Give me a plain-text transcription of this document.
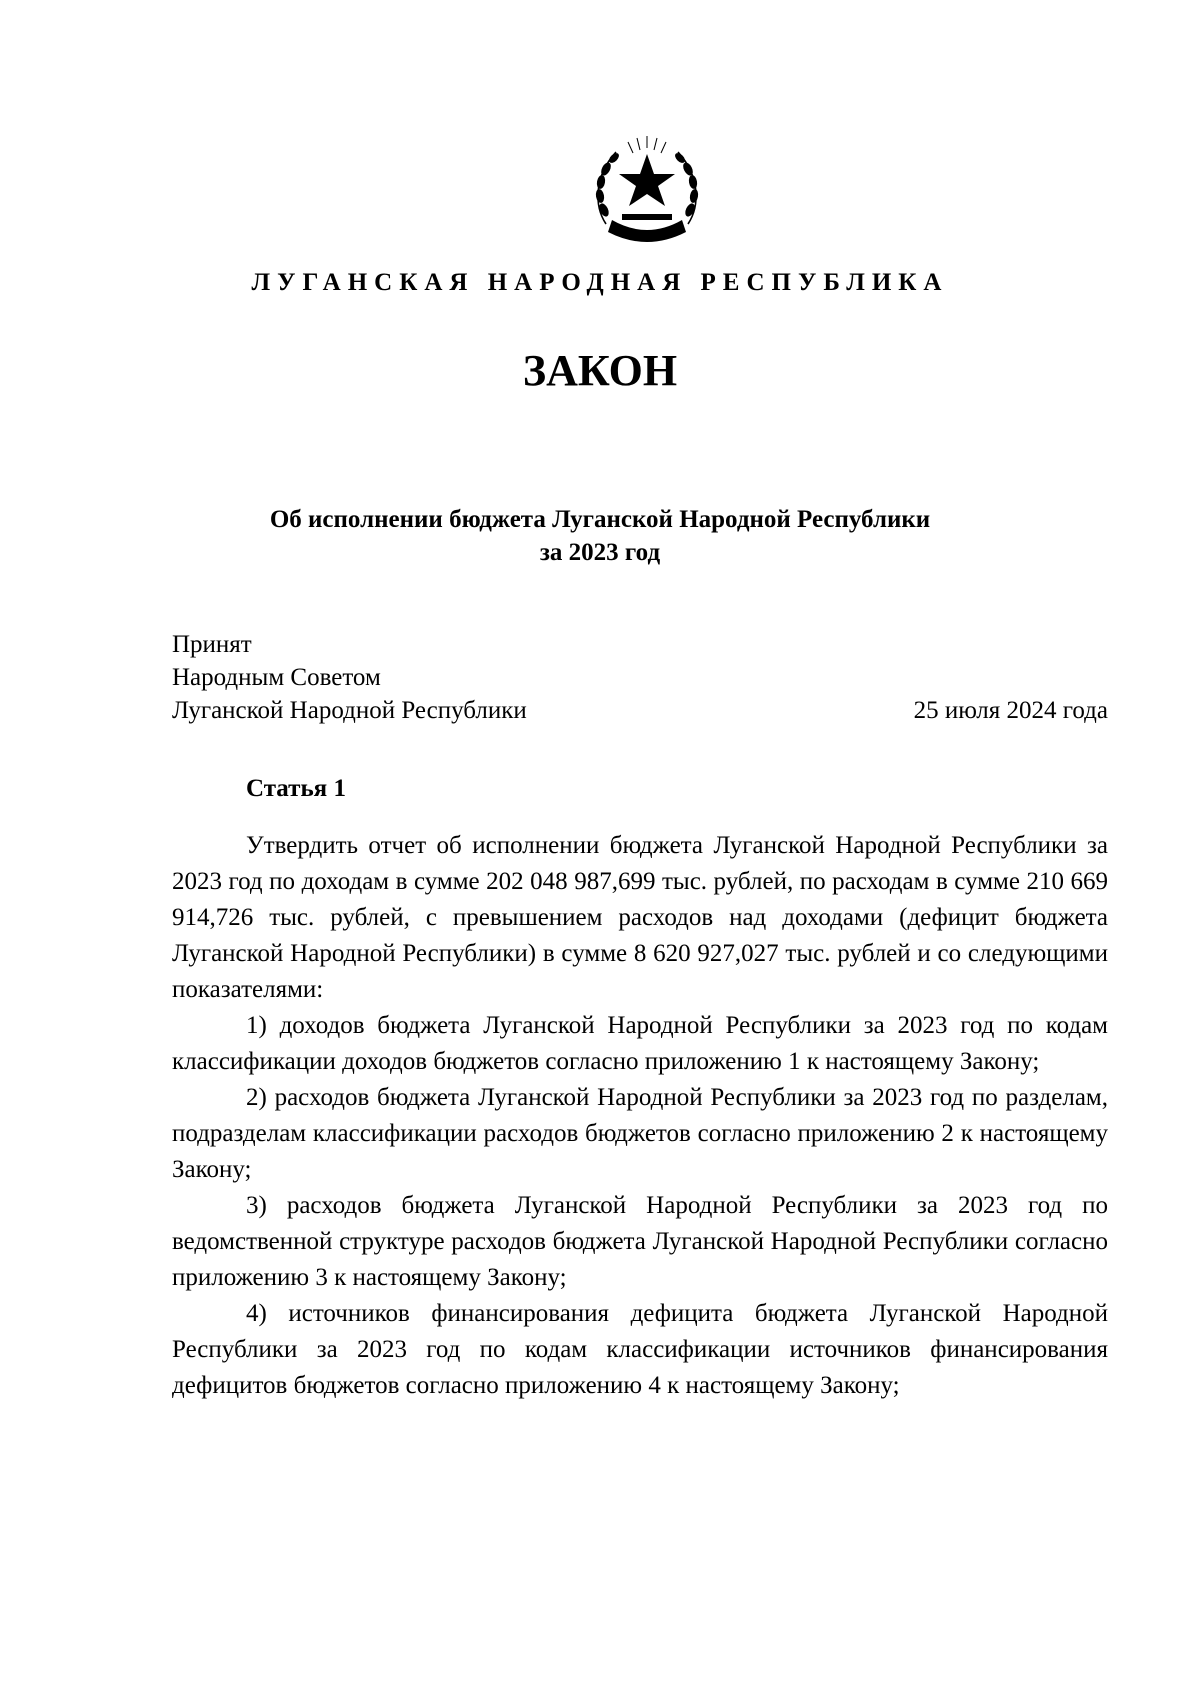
ЛУГАНСКАЯ НАРОДНАЯ РЕСПУБЛИКА
ЗАКОН
Об исполнении бюджета Луганской Народной Республики
за 2023 год
Принят
Народным Советом
Луганской Народной Республики	25 июля 2024 года
Статья 1

Утвердить отчет об исполнении бюджета Луганской Народной Республики за 2023 год по доходам в сумме 202 048 987,699 тыс. рублей, по расходам в сумме 210 669 914,726 тыс. рублей, с превышением расходов над доходами (дефицит бюджета Луганской Народной Республики) в сумме 8 620 927,027 тыс. рублей и со следующими показателями:

1) доходов бюджета Луганской Народной Республики за 2023 год по кодам классификации доходов бюджетов согласно приложению 1 к настоящему Закону;

2) расходов бюджета Луганской Народной Республики за 2023 год по разделам, подразделам классификации расходов бюджетов согласно приложению 2 к настоящему Закону;

3) расходов бюджета Луганской Народной Республики за 2023 год по ведомственной структуре расходов бюджета Луганской Народной Республики согласно приложению 3 к настоящему Закону;

4) источников финансирования дефицита бюджета Луганской Народной Республики за 2023 год по кодам классификации источников финансирования дефицитов бюджетов согласно приложению 4 к настоящему Закону;
